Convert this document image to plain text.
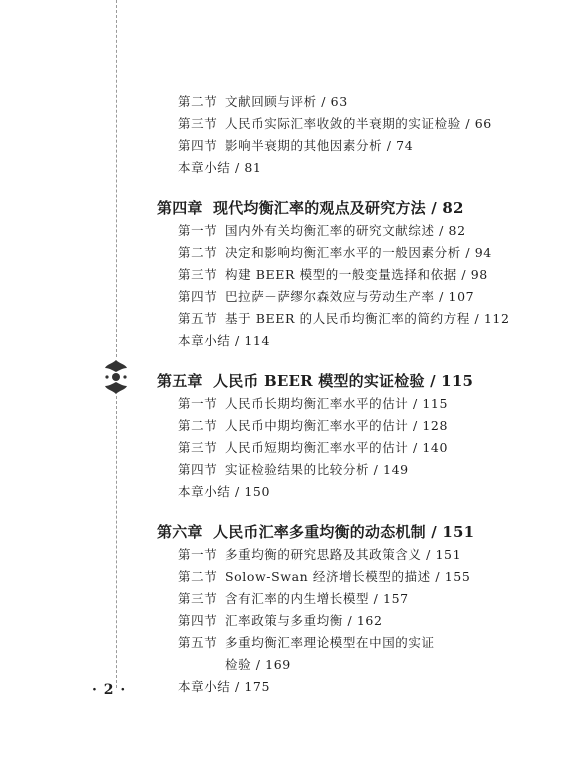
· 2 ·
第二节 文献回顾与评析 / 63
第三节 人民币实际汇率收敛的半衰期的实证检验 / 66
第四节 影响半衰期的其他因素分析 / 74
本章小结 / 81
第四章 现代均衡汇率的观点及研究方法 / 82
第一节 国内外有关均衡汇率的研究文献综述 / 82
第二节 决定和影响均衡汇率水平的一般因素分析 / 94
第三节 构建 BEER 模型的一般变量选择和依据 / 98
第四节 巴拉萨－萨缪尔森效应与劳动生产率 / 107
第五节 基于 BEER 的人民币均衡汇率的简约方程 / 112
本章小结 / 114
第五章 人民币 BEER 模型的实证检验 / 115
第一节 人民币长期均衡汇率水平的估计 / 115
第二节 人民币中期均衡汇率水平的估计 / 128
第三节 人民币短期均衡汇率水平的估计 / 140
第四节 实证检验结果的比较分析 / 149
本章小结 / 150
第六章 人民币汇率多重均衡的动态机制 / 151
第一节 多重均衡的研究思路及其政策含义 / 151
第二节 Solow-Swan 经济增长模型的描述 / 155
第三节 含有汇率的内生增长模型 / 157
第四节 汇率政策与多重均衡 / 162
第五节 多重均衡汇率理论模型在中国的实证
检验 / 169
本章小结 / 175
